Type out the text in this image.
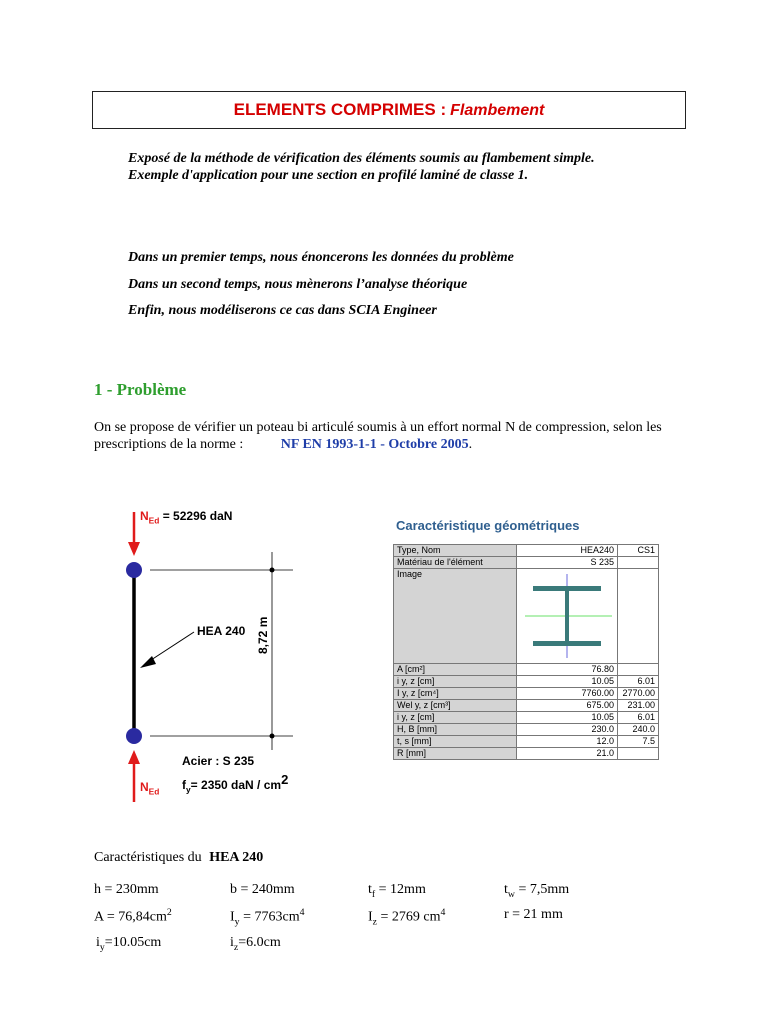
ELEMENTS COMPRIMES : Flambement
Exposé de la méthode de vérification des éléments soumis au flambement simple.
Exemple d'application pour une section en profilé laminé de classe 1.
Dans un premier temps, nous énoncerons les données du problème
Dans un second temps, nous mènerons l’analyse théorique
Enfin, nous modéliserons ce cas dans SCIA Engineer
1 - Problème
On se propose de vérifier un poteau bi articulé soumis à un effort normal N de compression, selon les
prescriptions de la norme :	NF EN 1993-1-1 - Octobre 2005.
$N_{Ed} = 52296$ daN
HEA 240 8,72 m
Acier : S 235
$f_y= 2350$ daN / $cm^2$
$N_{Ed}$
Caractéristique géométriques
Type, Nom	HEA240	CS1
Matériau de l'élément	S 235	
Image		
A [cm²]	76.80	
i y, z [cm]	10.05	6.01
I y, z [cm⁴]	7760.00	2770.00
Wel y, z [cm³]	675.00	231.00
i y, z [cm]	10.05	6.01
H, B [mm]	230.0	240.0
t, s [mm]	12.0	7.5
R [mm]	21.0	
Caractéristiques du HEA 240
h = 230mm	b = 240mm	$t_f = 12mm$	$t_w = 7,5mm$
$A = 76,84cm^2$	$I_y = 7763cm^4$	$I_z = 2769$ $cm^4$	r = 21 mm
$i_y=10.05cm$	$i_z=6.0cm$
